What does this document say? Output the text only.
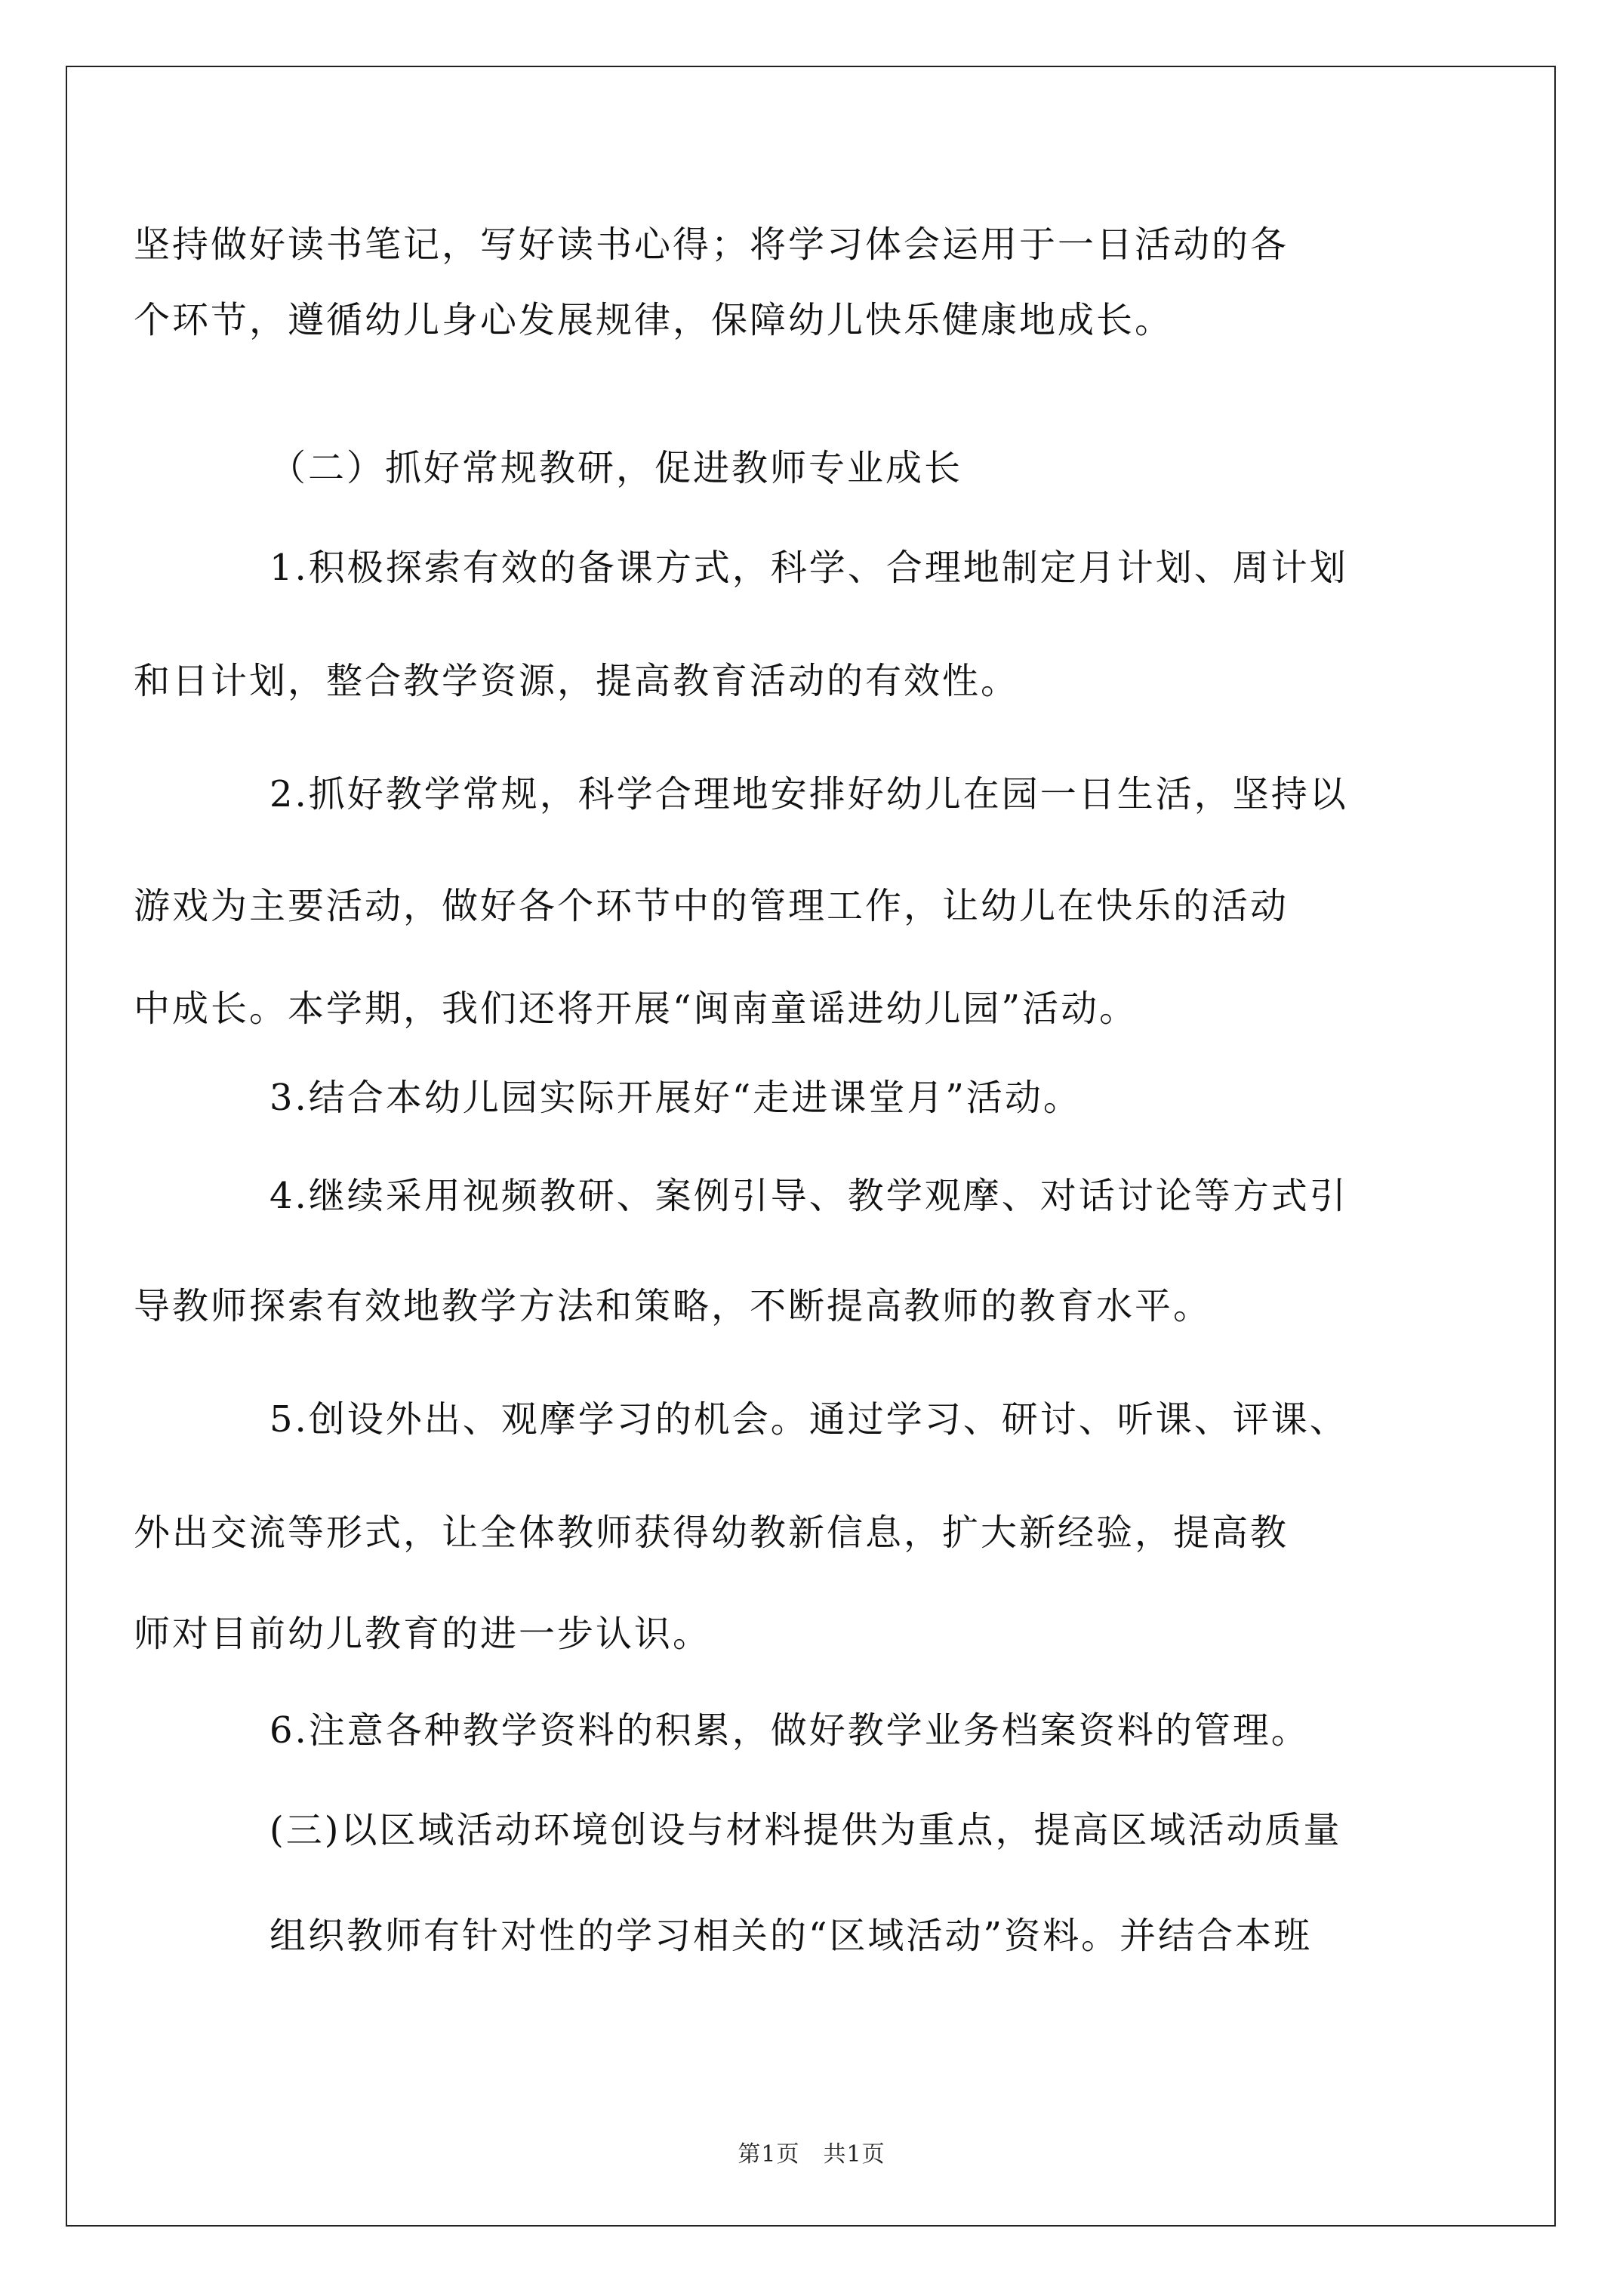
坚持做好读书笔记，写好读书心得；将学习体会运用于一日活动的各
个环节，遵循幼儿身心发展规律，保障幼儿快乐健康地成长。
（二）抓好常规教研，促进教师专业成长
1.积极探索有效的备课方式，科学、合理地制定月计划、周计划
和日计划，整合教学资源，提高教育活动的有效性。
2.抓好教学常规，科学合理地安排好幼儿在园一日生活，坚持以
游戏为主要活动，做好各个环节中的管理工作，让幼儿在快乐的活动
中成长。本学期，我们还将开展“闽南童谣进幼儿园”活动。
3.结合本幼儿园实际开展好“走进课堂月”活动。
4.继续采用视频教研、案例引导、教学观摩、对话讨论等方式引
导教师探索有效地教学方法和策略，不断提高教师的教育水平。
5.创设外出、观摩学习的机会。通过学习、研讨、听课、评课、
外出交流等形式，让全体教师获得幼教新信息，扩大新经验，提高教
师对目前幼儿教育的进一步认识。
6.注意各种教学资料的积累，做好教学业务档案资料的管理。
(三)以区域活动环境创设与材料提供为重点，提高区域活动质量
组织教师有针对性的学习相关的“区域活动”资料。并结合本班
第1页　共1页
